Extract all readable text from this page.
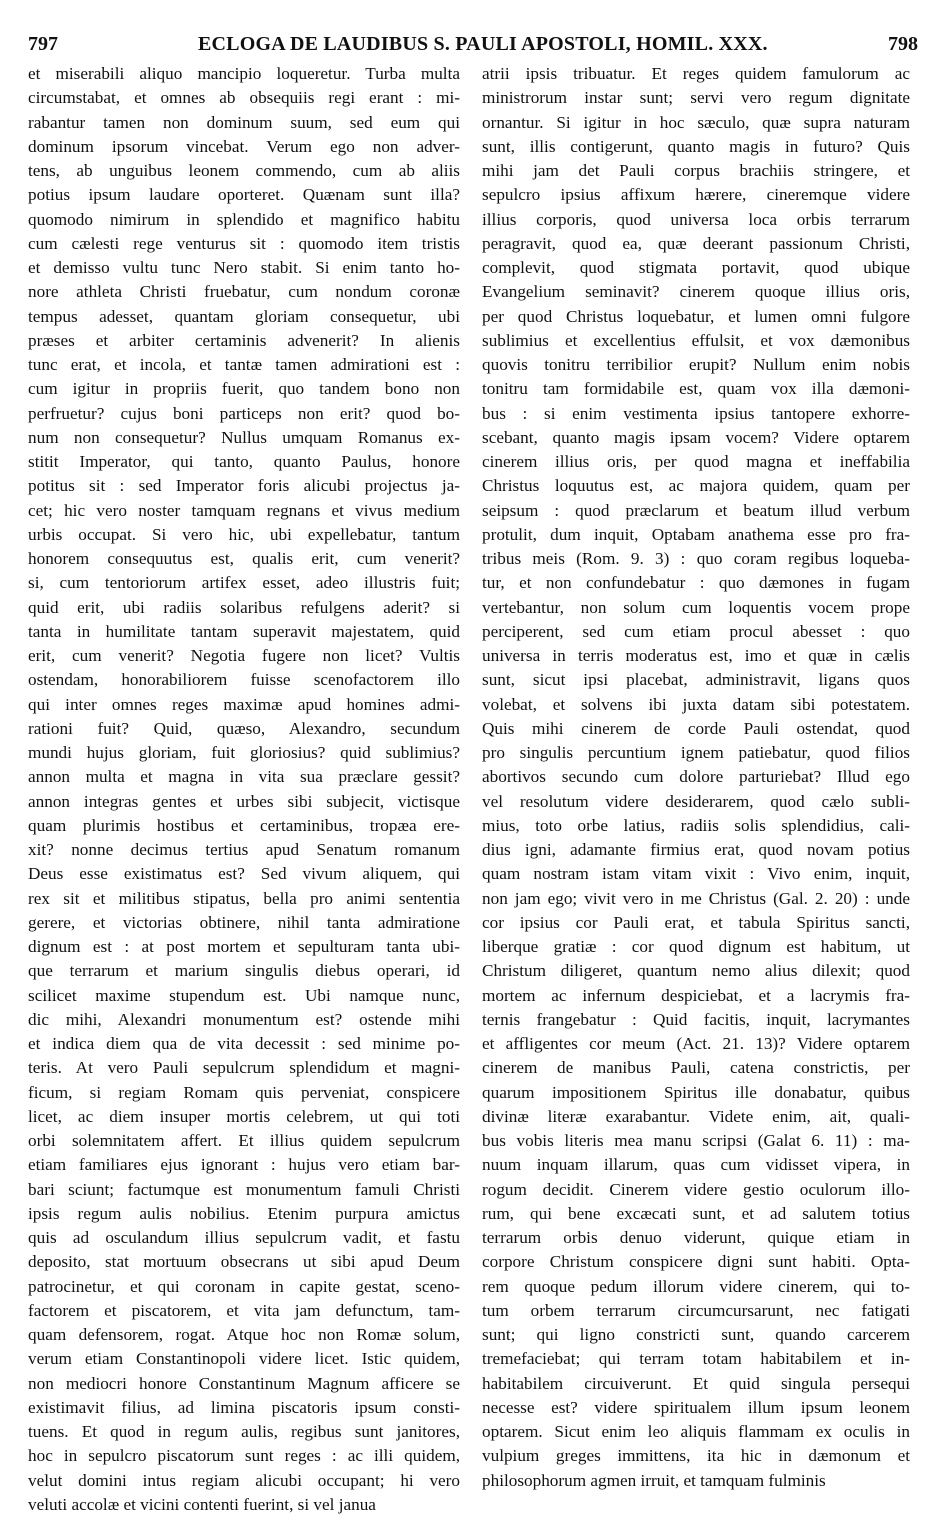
797	ECLOGA DE LAUDIBUS S. PAULI APOSTOLI, HOMIL. XXX.	798
et miserabili aliquo mancipio loqueretur. Turba multa
circumstabat, et omnes ab obsequiis regi erant : mi-
rabantur tamen non dominum suum, sed eum qui
dominum ipsorum vincebat. Verum ego non adver-
tens, ab unguibus leonem commendo, cum ab aliis
potius ipsum laudare oporteret. Quænam sunt illa?
quomodo nimirum in splendido et magnifico habitu
cum cælesti rege venturus sit : quomodo item tristis
et demisso vultu tunc Nero stabit. Si enim tanto ho-
nore athleta Christi fruebatur, cum nondum coronæ
tempus adesset, quantam gloriam consequetur, ubi
præses et arbiter certaminis advenerit? In alienis
tunc erat, et incola, et tantæ tamen admirationi est :
cum igitur in propriis fuerit, quo tandem bono non
perfruetur? cujus boni particeps non erit? quod bo-
num non consequetur? Nullus umquam Romanus ex-
stitit Imperator, qui tanto, quanto Paulus, honore
potitus sit : sed Imperator foris alicubi projectus ja-
cet; hic vero noster tamquam regnans et vivus medium
urbis occupat. Si vero hic, ubi expellebatur, tantum
honorem consequutus est, qualis erit, cum venerit?
si, cum tentoriorum artifex esset, adeo illustris fuit;
quid erit, ubi radiis solaribus refulgens aderit? si
tanta in humilitate tantam superavit majestatem, quid
erit, cum venerit? Negotia fugere non licet? Vultis
ostendam, honorabiliorem fuisse scenofactorem illo
qui inter omnes reges maximæ apud homines admi-
rationi fuit? Quid, quæso, Alexandro, secundum
mundi hujus gloriam, fuit gloriosius? quid sublimius?
annon multa et magna in vita sua præclare gessit?
annon integras gentes et urbes sibi subjecit, victisque
quam plurimis hostibus et certaminibus, tropæa ere-
xit? nonne decimus tertius apud Senatum romanum
Deus esse existimatus est? Sed vivum aliquem, qui
rex sit et militibus stipatus, bella pro animi sententia
gerere, et victorias obtinere, nihil tanta admiratione
dignum est : at post mortem et sepulturam tanta ubi-
que terrarum et marium singulis diebus operari, id
scilicet maxime stupendum est. Ubi namque nunc,
dic mihi, Alexandri monumentum est? ostende mihi
et indica diem qua de vita decessit : sed minime po-
teris. At vero Pauli sepulcrum splendidum et magni-
ficum, si regiam Romam quis perveniat, conspicere
licet, ac diem insuper mortis celebrem, ut qui toti
orbi solemnitatem affert. Et illius quidem sepulcrum
etiam familiares ejus ignorant : hujus vero etiam bar-
bari sciunt; factumque est monumentum famuli Christi
ipsis regum aulis nobilius. Etenim purpura amictus
quis ad osculandum illius sepulcrum vadit, et fastu
deposito, stat mortuum obsecrans ut sibi apud Deum
patrocinetur, et qui coronam in capite gestat, sceno-
factorem et piscatorem, et vita jam defunctum, tam-
quam defensorem, rogat. Atque hoc non Romæ solum,
verum etiam Constantinopoli videre licet. Istic quidem,
non mediocri honore Constantinum Magnum afficere se
existimavit filius, ad limina piscatoris ipsum consti-
tuens. Et quod in regum aulis, regibus sunt janitores,
hoc in sepulcro piscatorum sunt reges : ac illi quidem,
velut domini intus regiam alicubi occupant; hi vero
veluti accolæ et vicini contenti fuerint, si vel janua
atrii ipsis tribuatur. Et reges quidem famulorum ac
ministrorum instar sunt; servi vero regum dignitate
ornantur. Si igitur in hoc sæculo, quæ supra naturam
sunt, illis contigerunt, quanto magis in futuro? Quis
mihi jam det Pauli corpus brachiis stringere, et
sepulcro ipsius affixum hærere, cineremque videre
illius corporis, quod universa loca orbis terrarum
peragravit, quod ea, quæ deerant passionum Christi,
complevit, quod stigmata portavit, quod ubique
Evangelium seminavit? cinerem quoque illius oris,
per quod Christus loquebatur, et lumen omni fulgore
sublimius et excellentius effulsit, et vox dæmonibus
quovis tonitru terribilior erupit? Nullum enim nobis
tonitru tam formidabile est, quam vox illa dæmoni-
bus : si enim vestimenta ipsius tantopere exhorre-
scebant, quanto magis ipsam vocem? Videre optarem
cinerem illius oris, per quod magna et ineffabilia
Christus loquutus est, ac majora quidem, quam per
seipsum : quod præclarum et beatum illud verbum
protulit, dum inquit, Optabam anathema esse pro fra-
tribus meis (Rom. 9. 3) : quo coram regibus loqueba-
tur, et non confundebatur : quo dæmones in fugam
vertebantur, non solum cum loquentis vocem prope
perciperent, sed cum etiam procul abesset : quo
universa in terris moderatus est, imo et quæ in cælis
sunt, sicut ipsi placebat, administravit, ligans quos
volebat, et solvens ibi juxta datam sibi potestatem.
Quis mihi cinerem de corde Pauli ostendat, quod
pro singulis percuntium ignem patiebatur, quod filios
abortivos secundo cum dolore parturiebat? Illud ego
vel resolutum videre desiderarem, quod cælo subli-
mius, toto orbe latius, radiis solis splendidius, cali-
dius igni, adamante firmius erat, quod novam potius
quam nostram istam vitam vixit : Vivo enim, inquit,
non jam ego; vivit vero in me Christus (Gal. 2. 20) : unde
cor ipsius cor Pauli erat, et tabula Spiritus sancti,
liberque gratiæ : cor quod dignum est habitum, ut
Christum diligeret, quantum nemo alius dilexit; quod
mortem ac infernum despiciebat, et a lacrymis fra-
ternis frangebatur : Quid facitis, inquit, lacrymantes
et affligentes cor meum (Act. 21. 13)? Videre optarem
cinerem de manibus Pauli, catena constrictis, per
quarum impositionem Spiritus ille donabatur, quibus
divinæ literæ exarabantur. Videte enim, ait, quali-
bus vobis literis mea manu scripsi (Galat 6. 11) : ma-
nuum inquam illarum, quas cum vidisset vipera, in
rogum decidit. Cinerem videre gestio oculorum illo-
rum, qui bene excæcati sunt, et ad salutem totius
terrarum orbis denuo viderunt, quique etiam in
corpore Christum conspicere digni sunt habiti. Opta-
rem quoque pedum illorum videre cinerem, qui to-
tum orbem terrarum circumcursarunt, nec fatigati
sunt; qui ligno constricti sunt, quando carcerem
tremefaciebat; qui terram totam habitabilem et in-
habitabilem circuiverunt. Et quid singula persequi
necesse est? videre spiritualem illum ipsum leonem
optarem. Sicut enim leo aliquis flammam ex oculis in
vulpium greges immittens, ita hic in dæmonum et
philosophorum agmen irruit, et tamquam fulminis
